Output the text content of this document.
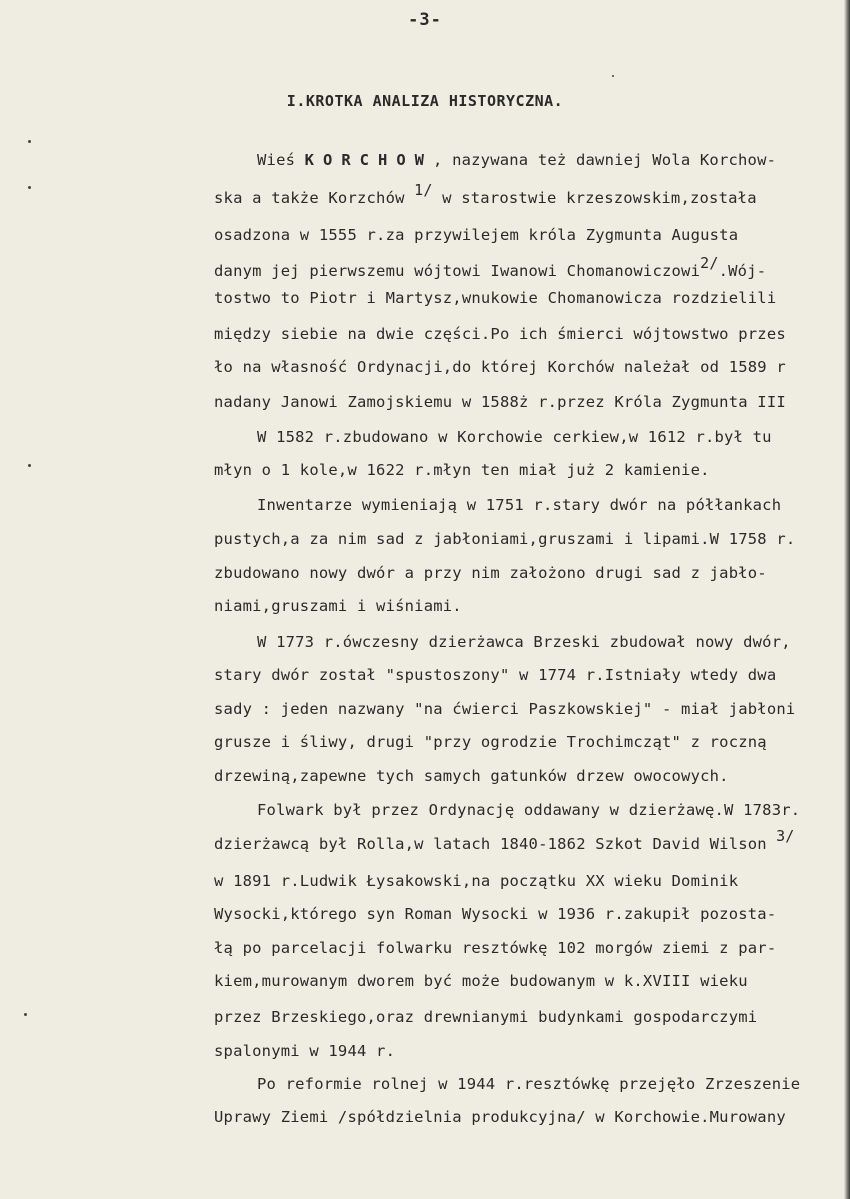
-3-
I.KROTKA ANALIZA HISTORYCZNA.
Wieś KORCHOW, nazywana też dawniej Wola Korchow-
ska a także Korzchów $^{1/}$ w starostwie krzeszowskim,została
osadzona w 1555 r.za przywilejem króla Zygmunta Augusta
danym jej pierwszemu wójtowi Iwanowi Chomanowiczowi$^{2/}$.Wój-
tostwo to Piotr i Martysz,wnukowie Chomanowicza rozdzielili
między siebie na dwie części.Po ich śmierci wójtowstwo przes
ło na własność Ordynacji,do której Korchów należał od 1589 r
nadany Janowi Zamojskiemu w 1588ż r.przez Króla Zygmunta III
W 1582 r.zbudowano w Korchowie cerkiew,w 1612 r.był tu
młyn o 1 kole,w 1622 r.młyn ten miał już 2 kamienie.
Inwentarze wymieniają w 1751 r.stary dwór na półłankach
pustych,a za nim sad z jabłoniami,gruszami i lipami.W 1758 r.
zbudowano nowy dwór a przy nim założono drugi sad z jabło-
niami,gruszami i wiśniami.
W 1773 r.ówczesny dzierżawca Brzeski zbudował nowy dwór,
stary dwór został "spustoszony" w 1774 r.Istniały wtedy dwa
sady : jeden nazwany "na ćwierci Paszkowskiej" - miał jabłoni
grusze i śliwy, drugi "przy ogrodzie Trochimcząt" z roczną
drzewiną,zapewne tych samych gatunków drzew owocowych.
Folwark był przez Ordynację oddawany w dzierżawę.W 1783r.
dzierżawcą był Rolla,w latach 1840-1862 Szkot David Wilson $^{3/}$
w 1891 r.Ludwik Łysakowski,na początku XX wieku Dominik
Wysocki,którego syn Roman Wysocki w 1936 r.zakupił pozosta-
łą po parcelacji folwarku resztówkę 102 morgów ziemi z par-
kiem,murowanym dworem być może budowanym w k.XVIII wieku
przez Brzeskiego,oraz drewnianymi budynkami gospodarczymi
spalonymi w 1944 r.
Po reformie rolnej w 1944 r.resztówkę przejęło Zrzeszenie
Uprawy Ziemi /spółdzielnia produkcyjna/ w Korchowie.Murowany
